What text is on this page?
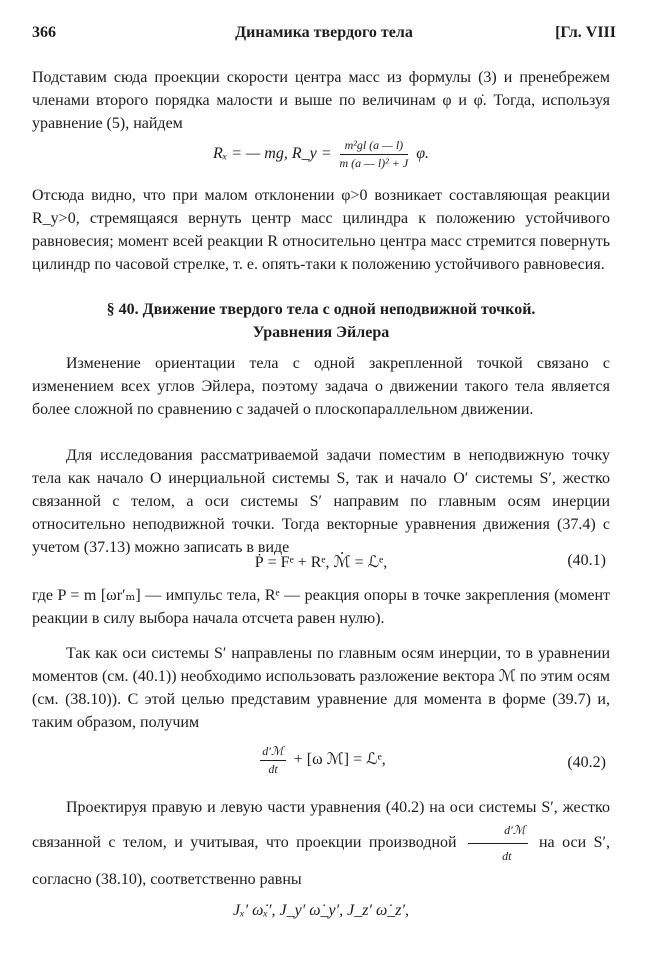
366	Динамика твердого тела	[Гл. VIII
Подставим сюда проекции скорости центра масс из формулы (3) и пренебрежем членами второго порядка малости и выше по величинам φ и φ̇. Тогда, используя уравнение (5), найдем
Rₓ = — mg, R_y = $\frac{\text{m²gl (a — l)}}{\text{m (a — l)² + J}} \varphi$.
Отсюда видно, что при малом отклонении φ>0 возникает составляющая реакции R_y>0, стремящаяся вернуть центр масс цилиндра к положению устойчивого равновесия; момент всей реакции R относительно центра масс стремится повернуть цилиндр по часовой стрелке, т. е. опять-таки к положению устойчивого равновесия.
§ 40. Движение твердого тела с одной неподвижной точкой.
Уравнения Эйлера
Изменение ориентации тела с одной закрепленной точкой связано с изменением всех углов Эйлера, поэтому задача о движении такого тела является более сложной по сравнению с задачей о плоскопараллельном движении.
Для исследования рассматриваемой задачи поместим в неподвижную точку тела как начало O инерциальной системы S, так и начало O′ системы S′, жестко связанной с телом, а оси системы S′ направим по главным осям инерции относительно неподвижной точки. Тогда векторные уравнения движения (37.4) с учетом (37.13) можно записать в виде
Ṗ = Fᵉ + Rᵉ, ℳ̇ = ℒᵉ,	(40.1)
где P = m [ωr′ₘ] — импульс тела, Rᵉ — реакция опоры в точке закрепления (момент реакции в силу выбора начала отсчета равен нулю).
Так как оси системы S′ направлены по главным осям инерции, то в уравнении моментов (см. (40.1)) необходимо использовать разложение вектора ℳ по этим осям (см. (38.10)). С этой целью представим уравнение для момента в форме (39.7) и, таким образом, получим
d′ℳ
dt
+ [ω ℳ] = ℒᵉ,	(40.2)
Проектируя правую и левую части уравнения (40.2) на оси системы S′, жестко связанной с телом, и учитывая, что проекции производной
d′ℳ
dt
на оси S′, согласно (38.10), соответственно равны
Jₓ′ ω̇ₓ′, J_y′ ω̇_y′, J_z′ ω̇_z′,
